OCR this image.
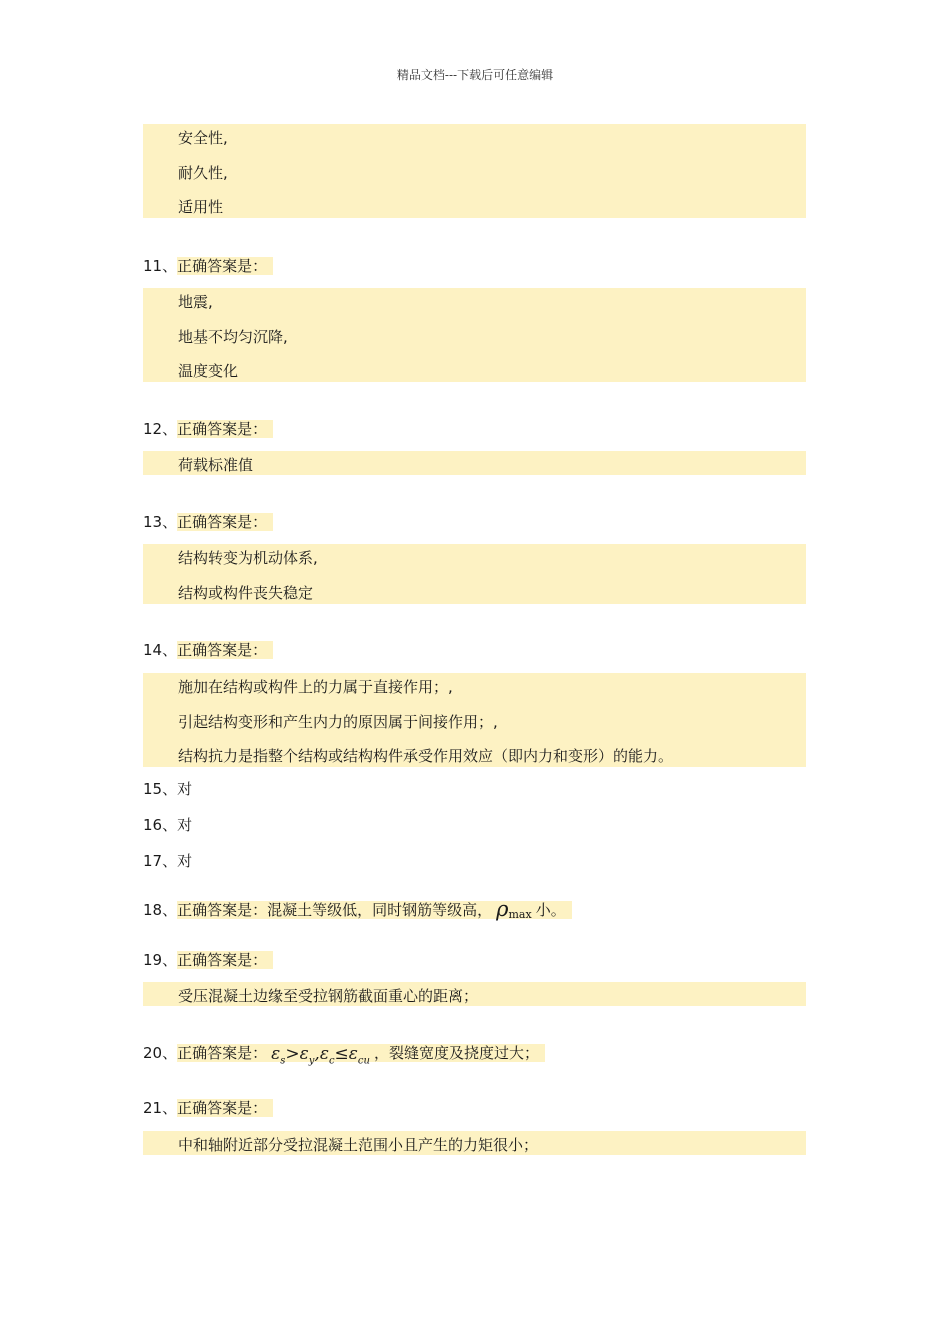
精品文档---下载后可任意编辑
安全性,
耐久性,
适用性
11、正确答案是：
地震,
地基不均匀沉降,
温度变化
12、正确答案是：
荷载标准值
13、正确答案是：
结构转变为机动体系,
结构或构件丧失稳定
14、正确答案是：
施加在结构或构件上的力属于直接作用；,
引起结构变形和产生内力的原因属于间接作用；,
结构抗力是指整个结构或结构构件承受作用效应（即内力和变形）的能力。
15、对
16、对
17、对
18、正确答案是：混凝土等级低，同时钢筋等级高， ρmax 小。
19、正确答案是：
受压混凝土边缘至受拉钢筋截面重心的距离；
20、正确答案是： $\varepsilon_s>\varepsilon_y,\varepsilon_c\le\varepsilon_{cu}$ ，裂缝宽度及挠度过大；
21、正确答案是：
中和轴附近部分受拉混凝土范围小且产生的力矩很小；
